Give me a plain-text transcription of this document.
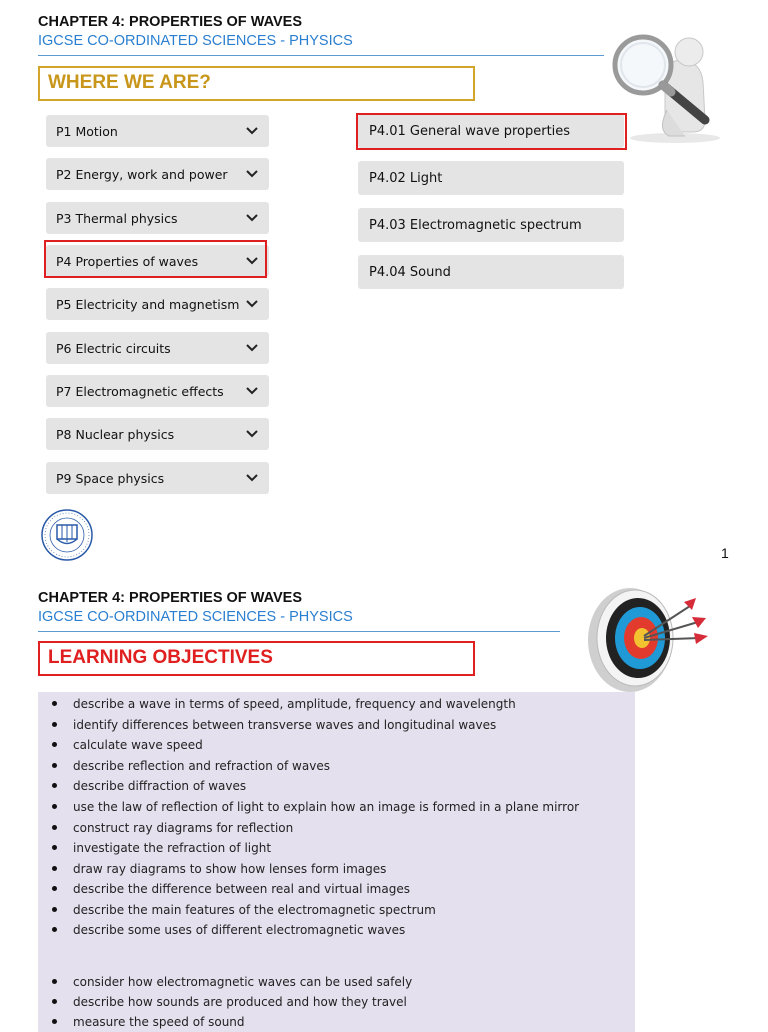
CHAPTER 4: PROPERTIES OF WAVES
IGCSE CO-ORDINATED SCIENCES - PHYSICS
WHERE WE ARE?
P1 Motion
P2 Energy, work and power
P3 Thermal physics
P4 Properties of waves
P5 Electricity and magnetism
P6 Electric circuits
P7 Electromagnetic effects
P8 Nuclear physics
P9 Space physics
P4.01 General wave properties
P4.02 Light
P4.03 Electromagnetic spectrum
P4.04 Sound
1
CHAPTER 4: PROPERTIES OF WAVES
IGCSE CO-ORDINATED SCIENCES - PHYSICS
LEARNING OBJECTIVES
describe a wave in terms of speed, amplitude, frequency and wavelength
identify differences between transverse waves and longitudinal waves
calculate wave speed
describe reflection and refraction of waves
describe diffraction of waves
use the law of reflection of light to explain how an image is formed in a plane mirror
construct ray diagrams for reflection
investigate the refraction of light
draw ray diagrams to show how lenses form images
describe the difference between real and virtual images
describe the main features of the electromagnetic spectrum
describe some uses of different electromagnetic waves
consider how electromagnetic waves can be used safely
describe how sounds are produced and how they travel
measure the speed of sound
